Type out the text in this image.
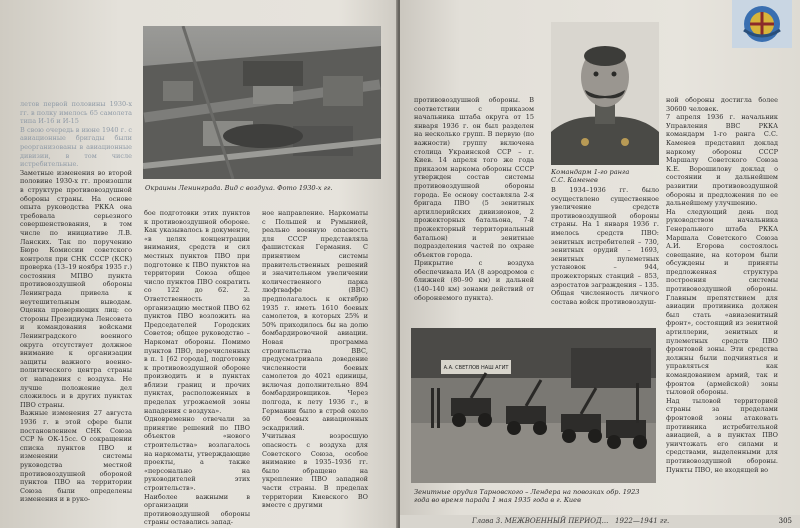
Окраины Ленинграда. Вид с воздуха. Фото 1930-х гг.

летов первой половины 1930-х гг. в полку имелось 65 самолета типа И-16 и И-15

В свою очередь в июне 1940 г. с авиационные бригады были реорганизованы в авиационные дивизии, в том числе истребительные.

Заметные изменения во второй половине 1930-х гг. произошли в структуре противовоздушной обороны страны. На основе опыта руководства РККА она требовала серьезного совершенствования, в том числе по инициативе Л.В. Ланских. Так по поручению Бюро Комиссии советского контроля при СНК СССР (КСК) проверка (13–19 ноября 1935 г.) состояния МПВО пункта противовоздушной обороны Ленинграда привела к неутешительным выводам. Оценка проверяющих лиц: со стороны Президиума Ленсовета и командования войсками Ленинградского военного округа отсутствует должное внимание к организации защиты важного военно-политического центра страны от нападения с воздуха. Не лучше положение дел сложилось и в других пунктах ПВО страны.

Важные изменения 27 августа 1936 г. в этой сфере были постановлением СНК Союза ССР № ОК-15сс. О сокращении списка пунктов ПВО и изменении системы руководства местной противовоздушной обороной пунктов ПВО на территории Союза были определены изменения и в руко-

бое подготовки этих пунктов к противовоздушной обороне. Как указывалось в документе, «в целях концентрации внимания, средств и сил местных пунктов ПВО при подготовке к ПВО пунктов на территории Союза общее число пунктов ПВО сократить со 122 до 62. 2. Ответственность за организацию местной ПВО 62 пунктов ПВО возложить на Председателей Городских Советов; общее руководство – Наркомат обороны. Помимо пунктов ПВО, перечисленных в п. 1 [62 города], подготовку к противовоздушной обороне производить и в пунктах вблизи границ и прочих пунктах, расположенных в пределах угрожаемой зоны нападения с воздуха».

Одновременно отвечали за принятие решений по ПВО объектов «нового строительства» возлагалось на наркоматы, утверждающие проекты, а также «персонально на руководителей этих строительств».

Наиболее важными в организации противовоздушной обороны страны оставались запад-

ное направление. Наркоматы с Польшей и Румынией, реально военную опасность для СССР представляла фашистская Германия. С принятием системы правительственных решений и значительном увеличении количественного парка люфтваффе (ВВС) предполагалось к октябрю 1935 г. иметь 1610 боевых самолетов, в которых 25% и 50% приходилось бы на долю бомбардировочной авиации. Новая программа строительства ВВС, предусматривала доведение численности боевых самолетов до 4021 единицы, включая дополнительно 894 бомбардировщиков. Через полгода, к лету 1936 г., в Германии было в строй около 60 боевых авиационных эскадрилий.

Учитывая возросшую опасность с воздуха для Советского Союза, особое внимание в 1935–1936 гг. было обращено на укрепление ПВО западной части страны. В пределах территории Киевского ВО вместе с другими

Командарм 1-го ранга С.С. Каменев

противовоздушной обороны. В соответствии с приказом начальника штаба округа от 15 января 1936 г. он был разделен на несколько групп. В первую (по важности) группу включена столица Украинской ССР – г. Киев. 14 апреля того же года приказом наркома обороны СССР утвержден состав системы противовоздушной обороны города. Ее основу составляла 2-я бригада ПВО (5 зенитных артиллерийских дивизионов, 2 прожекторных батальона, 7-й прожекторный территориальный батальон) и зенитные подразделения частей по охране объектов города.

Прикрытие с воздуха обеспечивала ИА (8 аэродромов с ближней (80–90 км) и дальней (140–140 км) зонами действий от обороняемого пункта).

В 1934–1936 гг. было осуществлено существенное увеличение средств противовоздушной обороны страны. На 1 января 1936 г. имелось средств ПВО: зенитных истребителей – 730, зенитных орудий – 1693, зенитных пулеметных установок – 944, прожекторных станций – 853, аэростатов заграждения – 135. Общая численность личного состава войск противовоздуш-

ной обороны достигла более 30600 человек.

7 апреля 1936 г. начальник Управления ВВС РККА командарм 1-го ранга С.С. Каменев представил доклад наркому обороны СССР Маршалу Советского Союза К.Е. Ворошилову доклад о состоянии и дальнейшем развитии противовоздушной обороны и предложения по ее дальнейшему улучшению.

На следующий день под руководством начальника Генерального штаба РККА Маршала Советского Союза А.И. Егорова состоялось совещание, на котором были обсуждены и приняты предложенная структура построения системы противовоздушной обороны. Главным препятствием для авиации противника должен был стать «авиазенитный фронт», состоящий из зенитной артиллерии, зенитных и пулеметных средств ПВО фронтовой зоны. Эти средства должны были подчиняться и управляться как командованием армий, так и фронтов (армейской) зоны тыловой обороны.

Над тыловой территорией страны за пределами фронтовой зоны атаковать противника истребительной авиацией, а в пунктах ПВО уничтожать его силами и средствами, выделенными для противовоздушной обороны. Пункты ПВО, не входящей во

А.А. СВЕТЛОВ НАШ АГИТ
Зенитные орудия Тарновского – Лендера на повозках обр. 1923 года во время парада 1 мая 1935 года в г. Киев
Глава 3. МЕЖВОЕННЫЙ ПЕРИОД... 1922—1941 гг.	305
